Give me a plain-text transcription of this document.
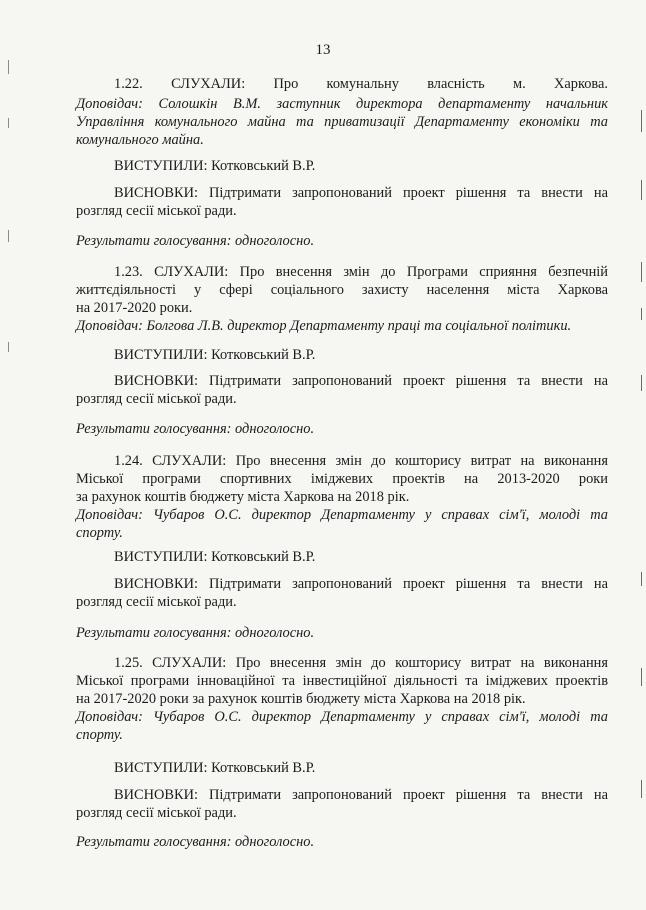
13
1.22. СЛУХАЛИ: Про комунальну власність м. Харкова.
Доповідач: Солошкін В.М. заступник директора департаменту начальник
Управління комунального майна та приватизації Департаменту економіки та
комунального майна.
ВИСТУПИЛИ: Котковський В.Р.
ВИСНОВКИ: Підтримати запропонований проект рішення та внести на
розгляд сесії міської ради.
Результати голосування: одноголосно.
1.23. СЛУХАЛИ: Про внесення змін до Програми сприяння безпечній
життєдіяльності у сфері соціального захисту населення міста Харкова
на 2017-2020 роки.
Доповідач: Болгова Л.В. директор Департаменту праці та соціальної політики.
ВИСТУПИЛИ: Котковський В.Р.
ВИСНОВКИ: Підтримати запропонований проект рішення та внести на
розгляд сесії міської ради.
Результати голосування: одноголосно.
1.24. СЛУХАЛИ: Про внесення змін до кошторису витрат на виконання
Міської програми спортивних іміджевих проектів на 2013-2020 роки
за рахунок коштів бюджету міста Харкова на 2018 рік.
Доповідач: Чубаров О.С. директор Департаменту у справах сім'ї, молоді та
спорту.
ВИСТУПИЛИ: Котковський В.Р.
ВИСНОВКИ: Підтримати запропонований проект рішення та внести на
розгляд сесії міської ради.
Результати голосування: одноголосно.
1.25. СЛУХАЛИ: Про внесення змін до кошторису витрат на виконання
Міської програми інноваційної та інвестиційної діяльності та іміджевих проектів
на 2017-2020 роки за рахунок коштів бюджету міста Харкова на 2018 рік.
Доповідач: Чубаров О.С. директор Департаменту у справах сім'ї, молоді та
спорту.
ВИСТУПИЛИ: Котковський В.Р.
ВИСНОВКИ: Підтримати запропонований проект рішення та внести на
розгляд сесії міської ради.
Результати голосування: одноголосно.
